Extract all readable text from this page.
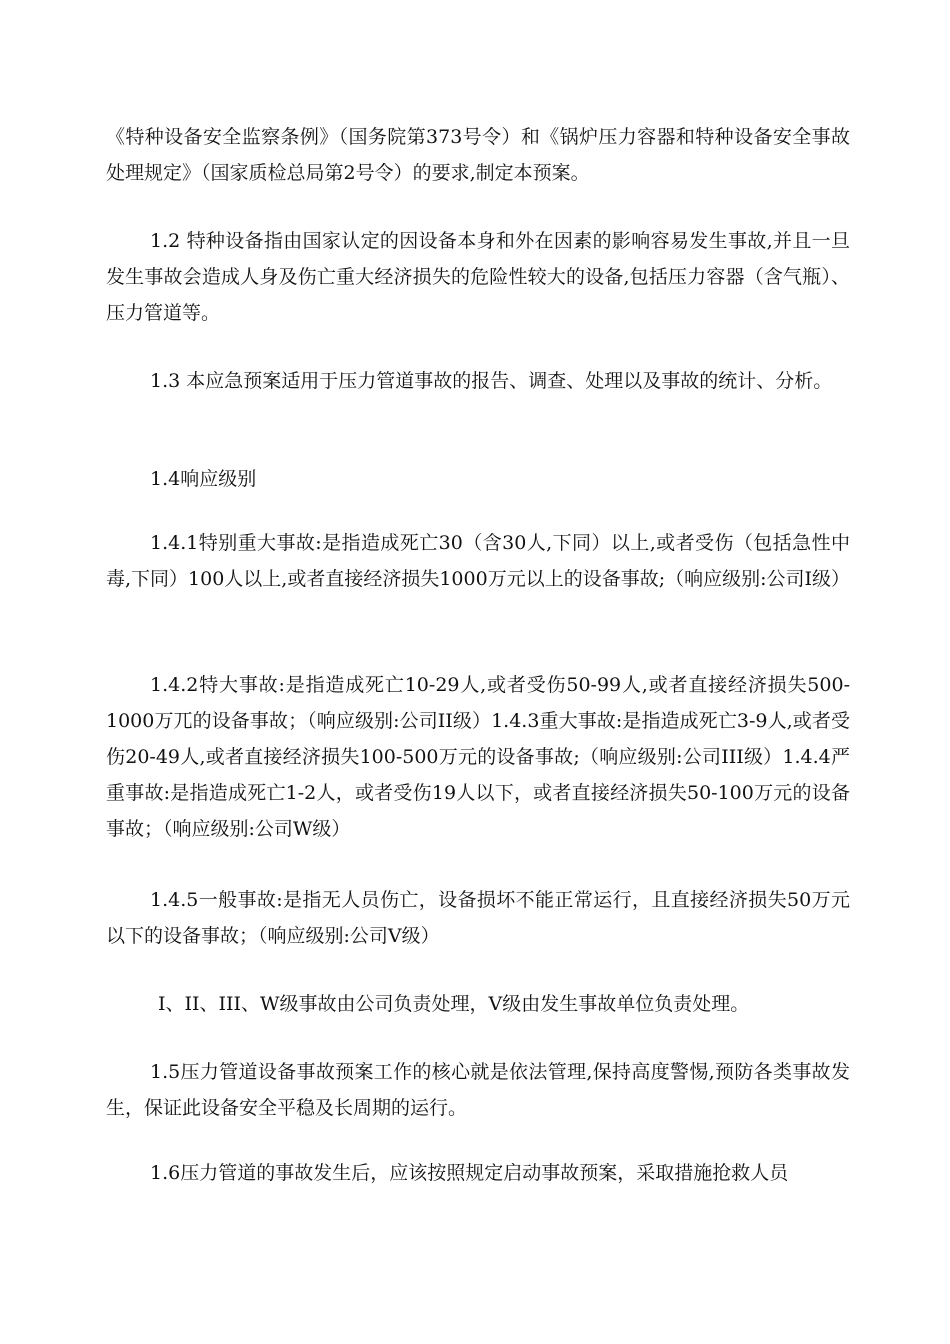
《特种设备安全监察条例》（国务院第373号令）和《锅炉压力容器和特种设备安全事故处理规定》（国家质检总局第2号令）的要求,制定本预案。

1.2 特种设备指由国家认定的因设备本身和外在因素的影响容易发生事故,并且一旦发生事故会造成人身及伤亡重大经济损失的危险性较大的设备,包括压力容器（含气瓶）、压力管道等。

1.3 本应急预案适用于压力管道事故的报告、调查、处理以及事故的统计、分析。

1.4响应级别

1.4.1特别重大事故:是指造成死亡30（含30人,下同）以上,或者受伤（包括急性中毒,下同）100人以上,或者直接经济损失1000万元以上的设备事故;（响应级别:公司I级）

1.4.2特大事故:是指造成死亡10-29人,或者受伤50-99人,或者直接经济损失500-1000万兀的设备事故；（响应级别:公司II级）1.4.3重大事故:是指造成死亡3-9人,或者受伤20-49人,或者直接经济损失100-500万元的设备事故;（响应级别:公司III级）1.4.4严重事故:是指造成死亡1-2人，或者受伤19人以下，或者直接经济损失50-100万元的设备事故；（响应级别:公司W级）

1.4.5一般事故:是指无人员伤亡，设备损坏不能正常运行，且直接经济损失50万元以下的设备事故；（响应级别:公司V级）

I、II、III、W级事故由公司负责处理，V级由发生事故单位负责处理。

1.5压力管道设备事故预案工作的核心就是依法管理,保持高度警惕,预防各类事故发生，保证此设备安全平稳及长周期的运行。

1.6压力管道的事故发生后，应该按照规定启动事故预案，采取措施抢救人员
